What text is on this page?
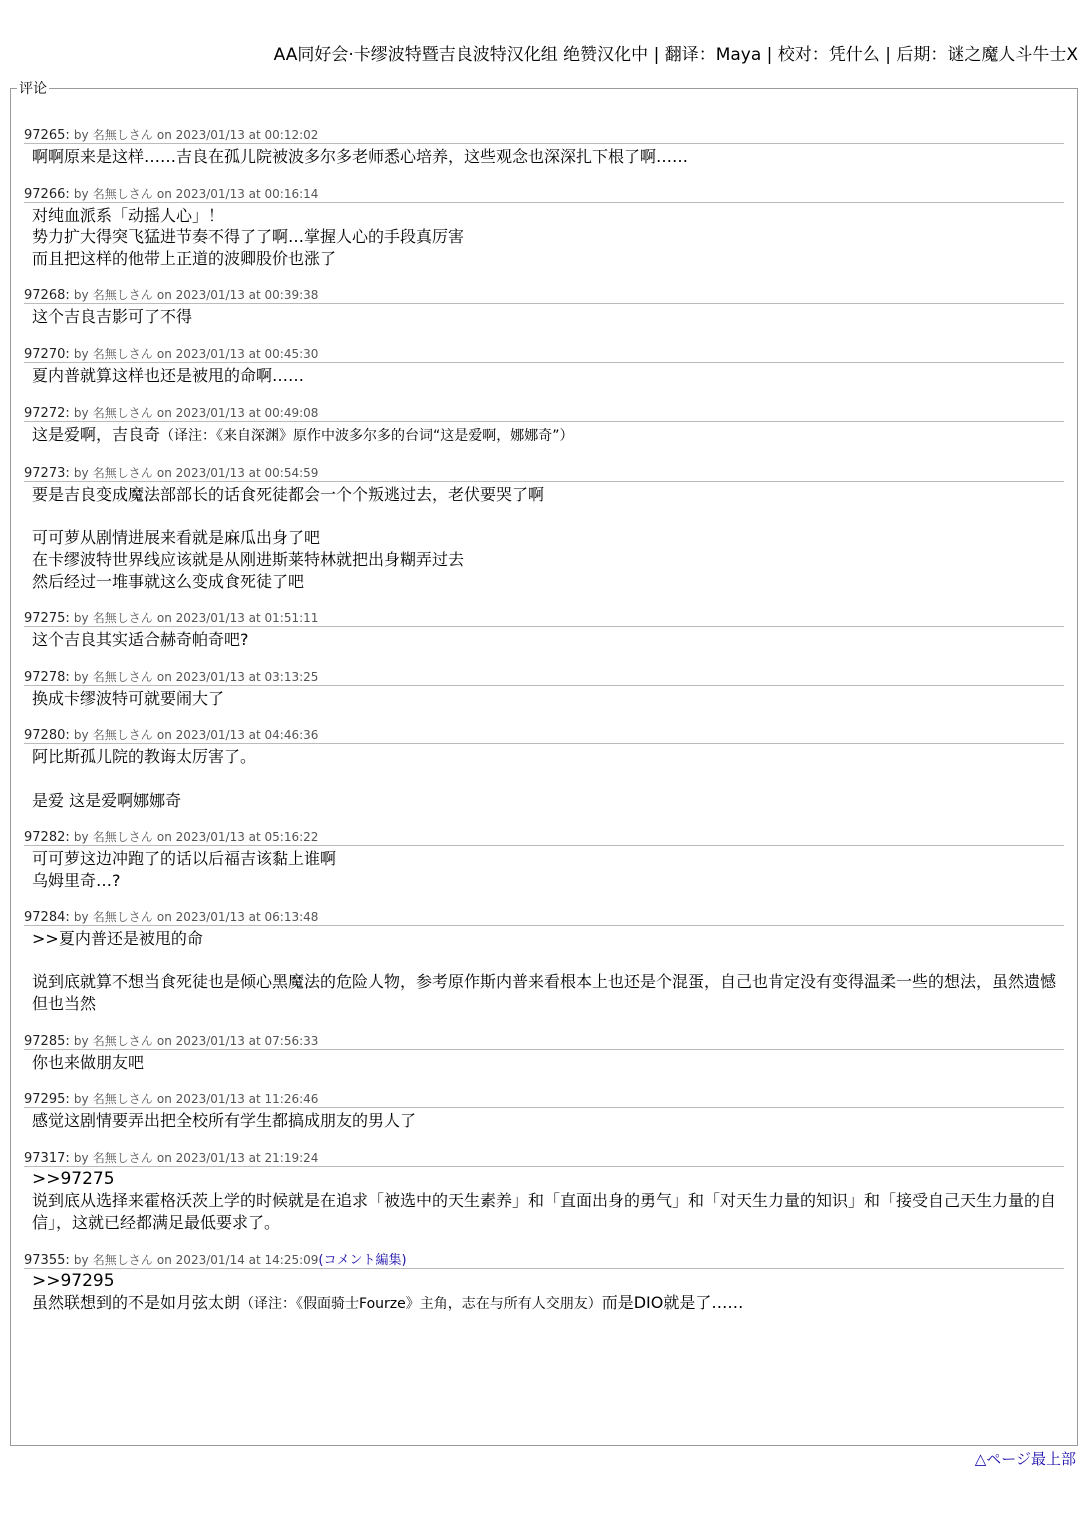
AA同好会·卡缪波特暨吉良波特汉化组 绝赞汉化中 | 翻译：Maya | 校对：凭什么 | 后期：谜之魔人斗牛士X
评论
97265: by 名無しさん on 2023/01/13 at 00:12:02
啊啊原来是这样……吉良在孤儿院被波多尔多老师悉心培养，这些观念也深深扎下根了啊……
97266: by 名無しさん on 2023/01/13 at 00:16:14
对纯血派系「动摇人心」！
势力扩大得突飞猛进节奏不得了了啊…掌握人心的手段真厉害
而且把这样的他带上正道的波卿股价也涨了
97268: by 名無しさん on 2023/01/13 at 00:39:38
这个吉良吉影可了不得
97270: by 名無しさん on 2023/01/13 at 00:45:30
夏内普就算这样也还是被甩的命啊……
97272: by 名無しさん on 2023/01/13 at 00:49:08
这是爱啊，吉良奇（译注：《来自深渊》原作中波多尔多的台词“这是爱啊，娜娜奇”）
97273: by 名無しさん on 2023/01/13 at 00:54:59
要是吉良变成魔法部部长的话食死徒都会一个个叛逃过去，老伏要哭了啊
可可萝从剧情进展来看就是麻瓜出身了吧
在卡缪波特世界线应该就是从刚进斯莱特林就把出身糊弄过去
然后经过一堆事就这么变成食死徒了吧
97275: by 名無しさん on 2023/01/13 at 01:51:11
这个吉良其实适合赫奇帕奇吧?
97278: by 名無しさん on 2023/01/13 at 03:13:25
换成卡缪波特可就要闹大了
97280: by 名無しさん on 2023/01/13 at 04:46:36
阿比斯孤儿院的教诲太厉害了。
是爱 这是爱啊娜娜奇
97282: by 名無しさん on 2023/01/13 at 05:16:22
可可萝这边冲跑了的话以后福吉该黏上谁啊
乌姆里奇…?
97284: by 名無しさん on 2023/01/13 at 06:13:48
>>夏内普还是被甩的命
说到底就算不想当食死徒也是倾心黑魔法的危险人物，参考原作斯内普来看根本上也还是个混蛋，自己也肯定没有变得温柔一些的想法，虽然遗憾但也当然
97285: by 名無しさん on 2023/01/13 at 07:56:33
你也来做朋友吧
97295: by 名無しさん on 2023/01/13 at 11:26:46
感觉这剧情要弄出把全校所有学生都搞成朋友的男人了
97317: by 名無しさん on 2023/01/13 at 21:19:24
>>97275
说到底从选择来霍格沃茨上学的时候就是在追求「被选中的天生素养」和「直面出身的勇气」和「对天生力量的知识」和「接受自己天生力量的自信」，这就已经都满足最低要求了。
97355: by 名無しさん on 2023/01/14 at 14:25:09(コメント編集)
>>97295
虽然联想到的不是如月弦太朗（译注：《假面骑士Fourze》主角，志在与所有人交朋友）而是DIO就是了……
△ページ最上部
